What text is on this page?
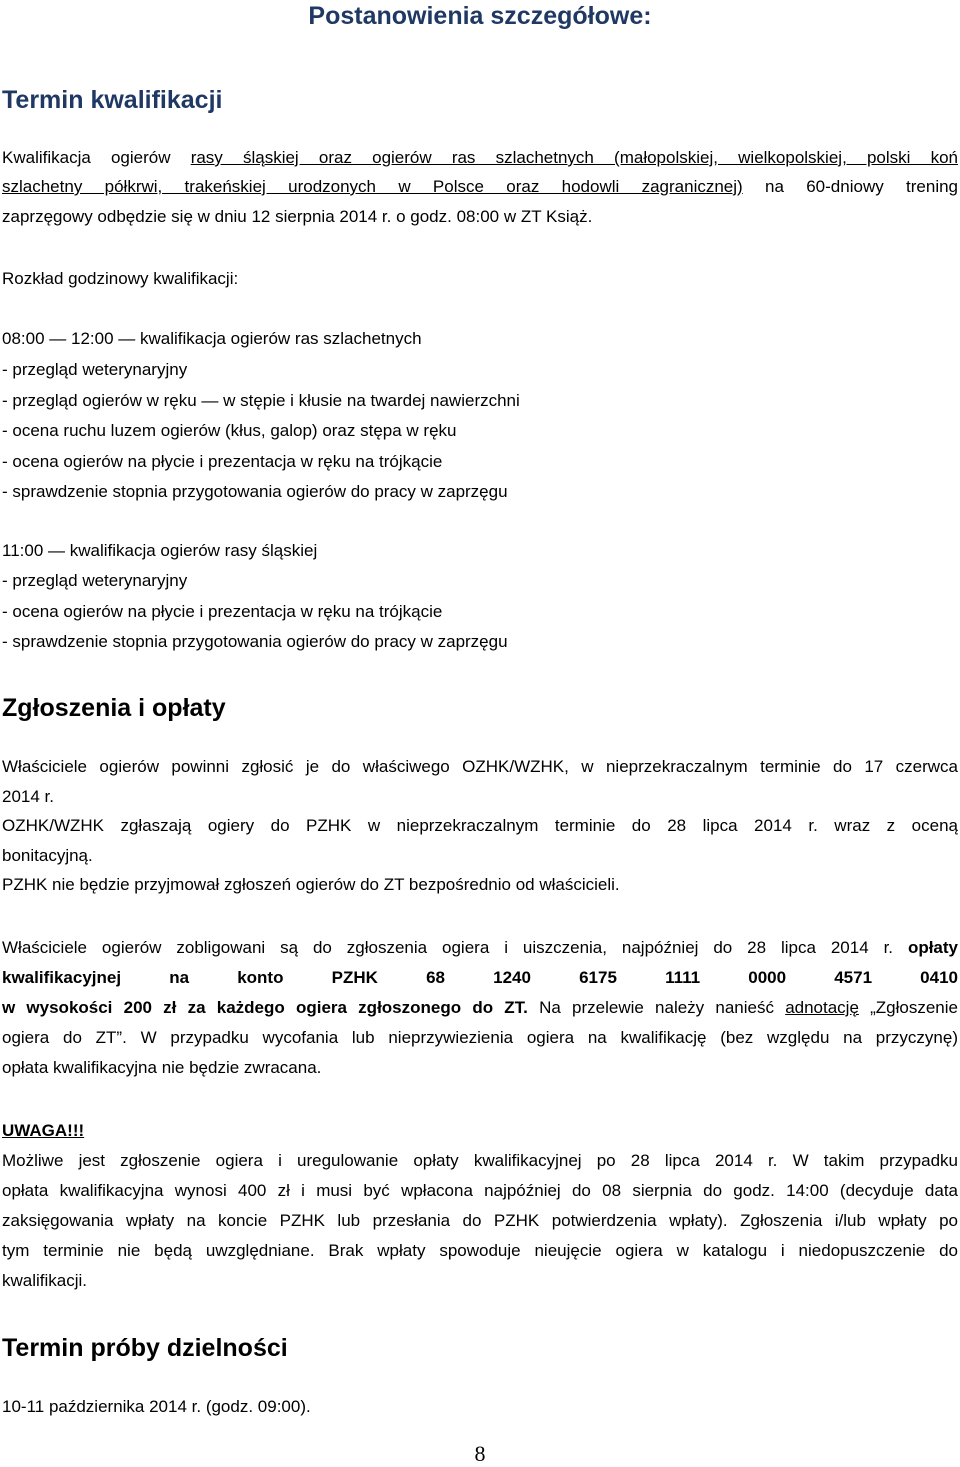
Postanowienia szczegółowe:
Termin kwalifikacji
Kwalifikacja ogierów rasy śląskiej oraz ogierów ras szlachetnych (małopolskiej, wielkopolskiej, polski koń
szlachetny półkrwi, trakeńskiej urodzonych w Polsce oraz hodowli zagranicznej) na 60-dniowy trening
zaprzęgowy odbędzie się w dniu 12 sierpnia 2014 r. o godz. 08:00 w ZT Książ.
Rozkład godzinowy kwalifikacji:
08:00 — 12:00 — kwalifikacja ogierów ras szlachetnych
- przegląd weterynaryjny
- przegląd ogierów w ręku — w stępie i kłusie na twardej nawierzchni
- ocena ruchu luzem ogierów (kłus, galop) oraz stępa w ręku
- ocena ogierów na płycie i prezentacja w ręku na trójkącie
- sprawdzenie stopnia przygotowania ogierów do pracy w zaprzęgu
11:00 — kwalifikacja ogierów rasy śląskiej
- przegląd weterynaryjny
- ocena ogierów na płycie i prezentacja w ręku na trójkącie
- sprawdzenie stopnia przygotowania ogierów do pracy w zaprzęgu
Zgłoszenia i opłaty
Właściciele ogierów powinni zgłosić je do właściwego OZHK/WZHK, w nieprzekraczalnym terminie do 17 czerwca
2014 r.
OZHK/WZHK zgłaszają ogiery do PZHK w nieprzekraczalnym terminie do 28 lipca 2014 r. wraz z oceną
bonitacyjną.
PZHK nie będzie przyjmował zgłoszeń ogierów do ZT bezpośrednio od właścicieli.
Właściciele ogierów zobligowani są do zgłoszenia ogiera i uiszczenia, najpóźniej do 28 lipca 2014 r. opłaty
kwalifikacyjnej na konto PZHK 68 1240 6175 1111 0000 4571 0410
w wysokości 200 zł za każdego ogiera zgłoszonego do ZT. Na przelewie należy nanieść adnotację „Zgłoszenie
ogiera do ZT”. W przypadku wycofania lub nieprzywiezienia ogiera na kwalifikację (bez względu na przyczynę)
opłata kwalifikacyjna nie będzie zwracana.
UWAGA!!!
Możliwe jest zgłoszenie ogiera i uregulowanie opłaty kwalifikacyjnej po 28 lipca 2014 r. W takim przypadku
opłata kwalifikacyjna wynosi 400 zł i musi być wpłacona najpóźniej do 08 sierpnia do godz. 14:00 (decyduje data
zaksięgowania wpłaty na koncie PZHK lub przesłania do PZHK potwierdzenia wpłaty). Zgłoszenia i/lub wpłaty po
tym terminie nie będą uwzględniane. Brak wpłaty spowoduje nieujęcie ogiera w katalogu i niedopuszczenie do
kwalifikacji.
Termin próby dzielności
10-11 października 2014 r. (godz. 09:00).
8
